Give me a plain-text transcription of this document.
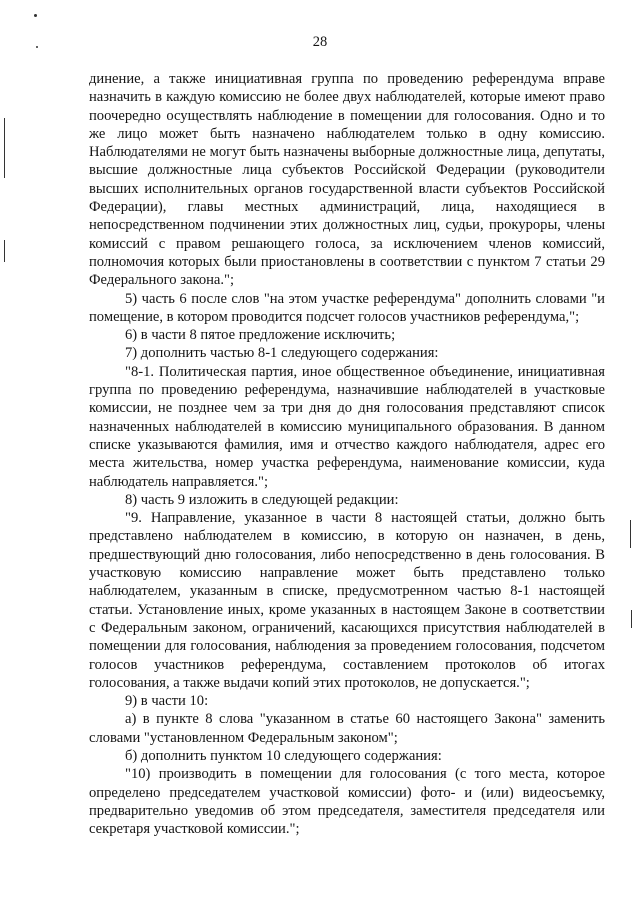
28

динение, а также инициативная группа по проведению референдума вправе назначить в каждую комиссию не более двух наблюдателей, которые имеют право поочередно осуществлять наблюдение в помещении для голосования. Одно и то же лицо может быть назначено наблюдателем только в одну комиссию. Наблюдателями не могут быть назначены выборные должностные лица, депутаты, высшие должностные лица субъектов Российской Федерации (руководители высших исполнительных органов государственной власти субъектов Российской Федерации), главы местных администраций, лица, находящиеся в непосредственном подчинении этих должностных лиц, судьи, прокуроры, члены комиссий с правом решающего голоса, за исключением членов комиссий, полномочия которых были приостановлены в соответствии с пунктом 7 статьи 29 Федерального закона.";

5) часть 6 после слов "на этом участке референдума" дополнить словами "и помещение, в котором проводится подсчет голосов участников референдума,";

6) в части 8 пятое предложение исключить;

7) дополнить частью 8-1 следующего содержания:

"8-1. Политическая партия, иное общественное объединение, инициативная группа по проведению референдума, назначившие наблюдателей в участковые комиссии, не позднее чем за три дня до дня голосования представляют список назначенных наблюдателей в комиссию муниципального образования. В данном списке указываются фамилия, имя и отчество каждого наблюдателя, адрес его места жительства, номер участка референдума, наименование комиссии, куда наблюдатель направляется.";

8) часть 9 изложить в следующей редакции:

"9. Направление, указанное в части 8 настоящей статьи, должно быть представлено наблюдателем в комиссию, в которую он назначен, в день, предшествующий дню голосования, либо непосредственно в день голосования. В участковую комиссию направление может быть представлено только наблюдателем, указанным в списке, предусмотренном частью 8-1 настоящей статьи. Установление иных, кроме указанных в настоящем Законе в соответствии с Федеральным законом, ограничений, касающихся присутствия наблюдателей в помещении для голосования, наблюдения за проведением голосования, подсчетом голосов участников референдума, составлением протоколов об итогах голосования, а также выдачи копий этих протоколов, не допускается.";

9) в части 10:

а) в пункте 8 слова "указанном в статье 60 настоящего Закона" заменить словами "установленном Федеральным законом";

б) дополнить пунктом 10 следующего содержания:

"10) производить в помещении для голосования (с того места, которое определено председателем участковой комиссии) фото- и (или) видеосъемку, предварительно уведомив об этом председателя, заместителя председателя или секретаря участковой комиссии.";
